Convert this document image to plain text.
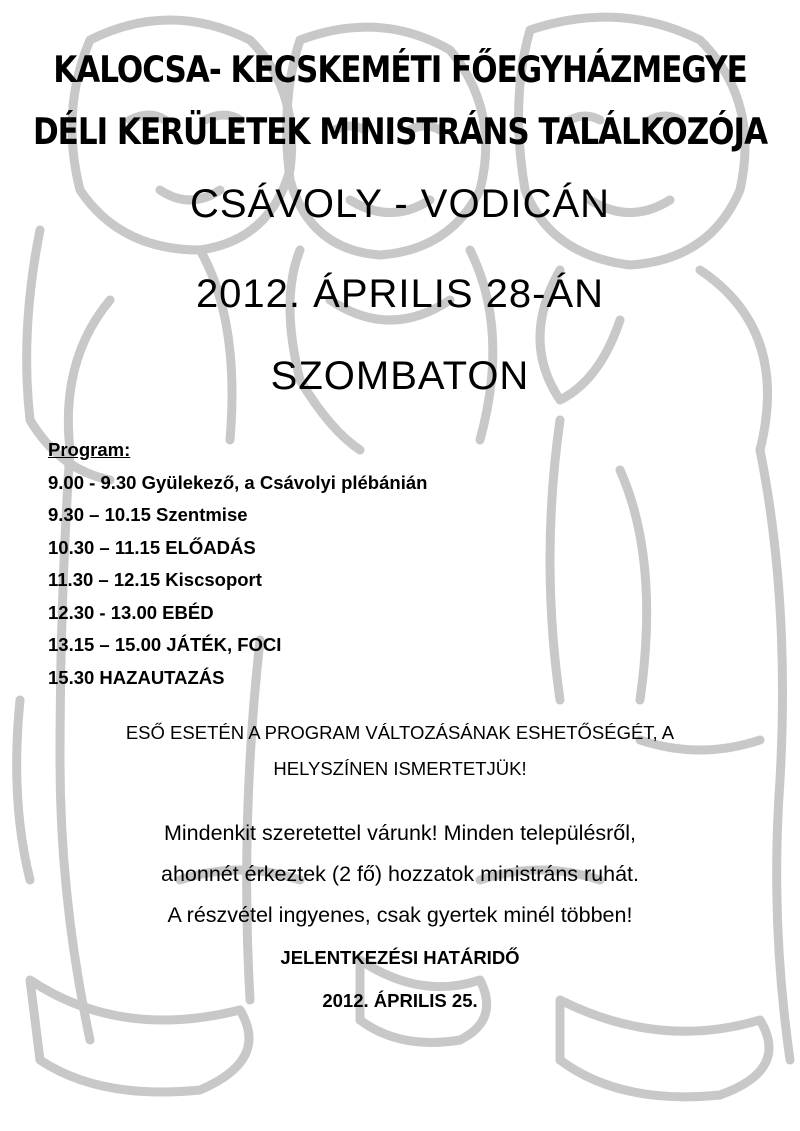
KALOCSA- KECSKEMÉTI FŐEGYHÁZMEGYE
DÉLI KERÜLETEK MINISTRÁNS TALÁLKOZÓJA
CSÁVOLY - VODICÁN
2012. ÁPRILIS 28-ÁN
SZOMBATON
Program:
9.00 - 9.30 Gyülekező, a Csávolyi plébánián
9.30 – 10.15 Szentmise
10.30 – 11.15 ELŐADÁS
11.30 – 12.15 Kiscsoport
12.30 - 13.00 EBÉD
13.15 – 15.00 JÁTÉK, FOCI
15.30 HAZAUTAZÁS
ESŐ ESETÉN A PROGRAM VÁLTOZÁSÁNAK ESHETŐSÉGÉT, A
HELYSZÍNEN ISMERTETJÜK!
Mindenkit szeretettel várunk! Minden településről,
ahonnét érkeztek (2 fő) hozzatok ministráns ruhát.
A részvétel ingyenes, csak gyertek minél többen!
JELENTKEZÉSI HATÁRIDŐ
2012. ÁPRILIS 25.
